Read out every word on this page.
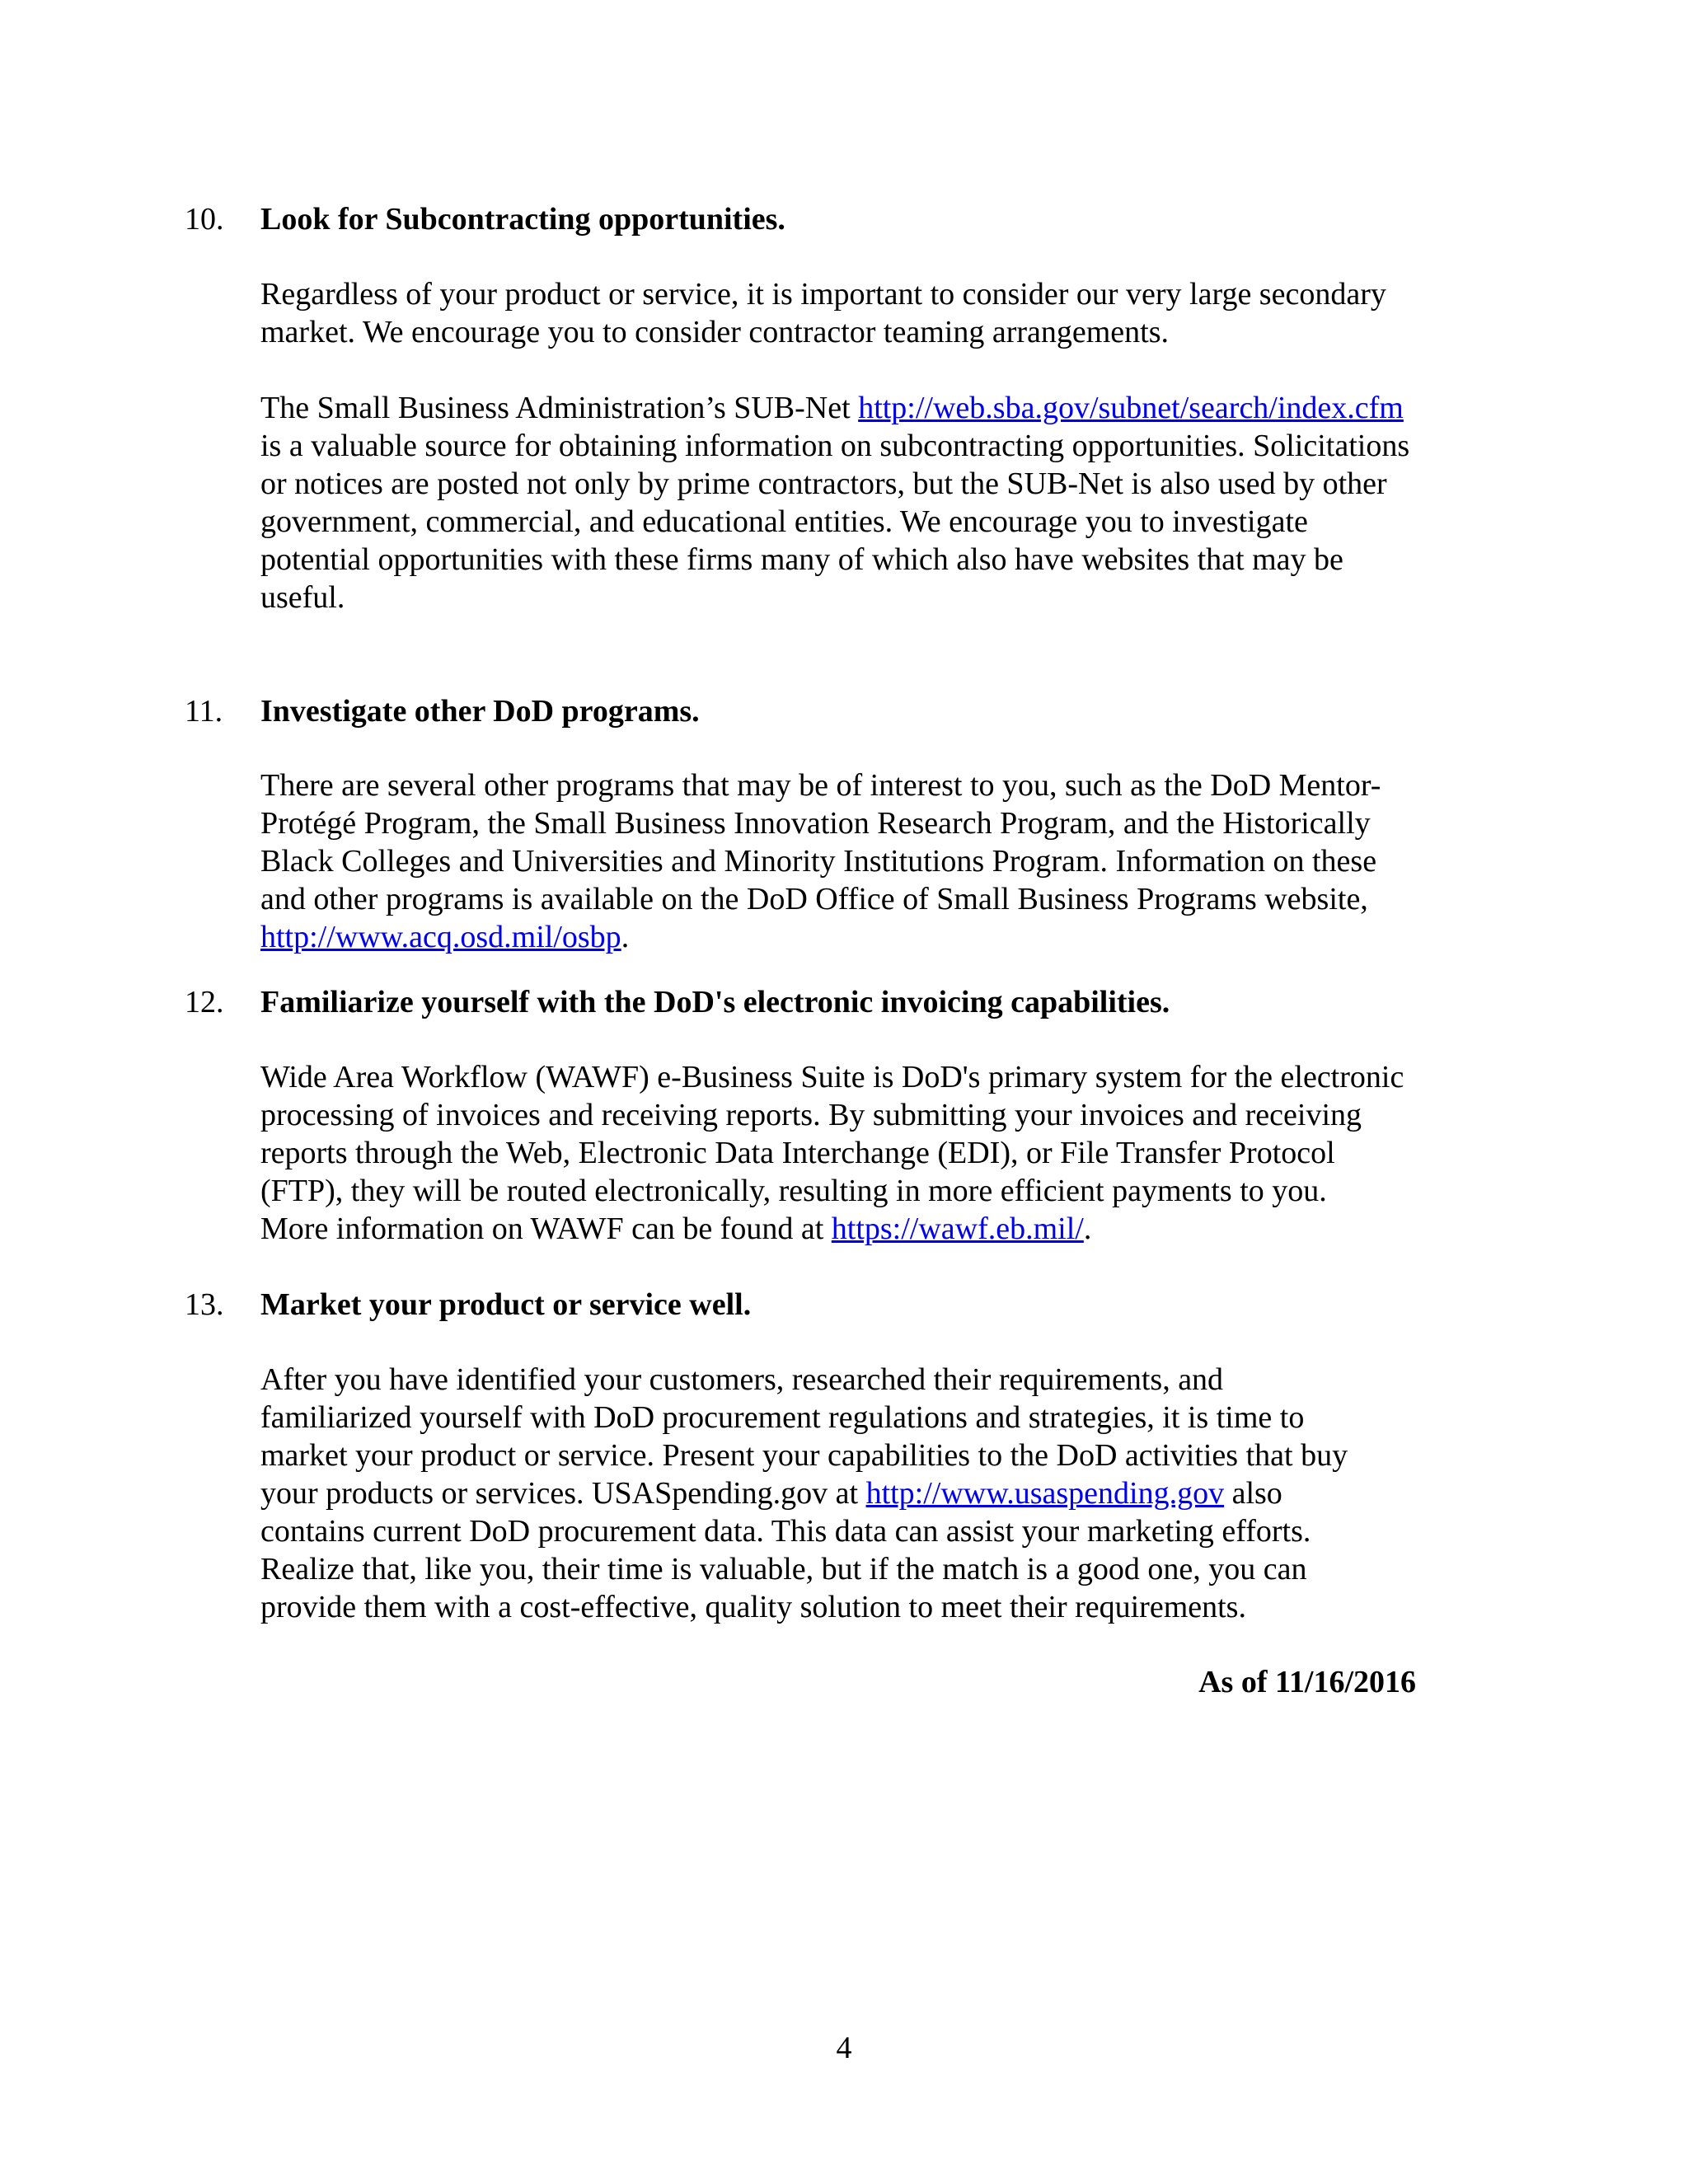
10. Look for Subcontracting opportunities.
Regardless of your product or service, it is important to consider our very large secondary
market. We encourage you to consider contractor teaming arrangements.
The Small Business Administration’s SUB-Net http://web.sba.gov/subnet/search/index.cfm
is a valuable source for obtaining information on subcontracting opportunities. Solicitations
or notices are posted not only by prime contractors, but the SUB-Net is also used by other
government, commercial, and educational entities. We encourage you to investigate
potential opportunities with these firms many of which also have websites that may be
useful.
11. Investigate other DoD programs.
There are several other programs that may be of interest to you, such as the DoD Mentor-
Protégé Program, the Small Business Innovation Research Program, and the Historically
Black Colleges and Universities and Minority Institutions Program. Information on these
and other programs is available on the DoD Office of Small Business Programs website,
http://www.acq.osd.mil/osbp.
12. Familiarize yourself with the DoD's electronic invoicing capabilities.
Wide Area Workflow (WAWF) e-Business Suite is DoD's primary system for the electronic
processing of invoices and receiving reports. By submitting your invoices and receiving
reports through the Web, Electronic Data Interchange (EDI), or File Transfer Protocol
(FTP), they will be routed electronically, resulting in more efficient payments to you.
More information on WAWF can be found at https://wawf.eb.mil/.
13. Market your product or service well.
After you have identified your customers, researched their requirements, and
familiarized yourself with DoD procurement regulations and strategies, it is time to
market your product or service. Present your capabilities to the DoD activities that buy
your products or services. USASpending.gov at http://www.usaspending.gov also
contains current DoD procurement data. This data can assist your marketing efforts.
Realize that, like you, their time is valuable, but if the match is a good one, you can
provide them with a cost-effective, quality solution to meet their requirements.
As of 11/16/2016
4
